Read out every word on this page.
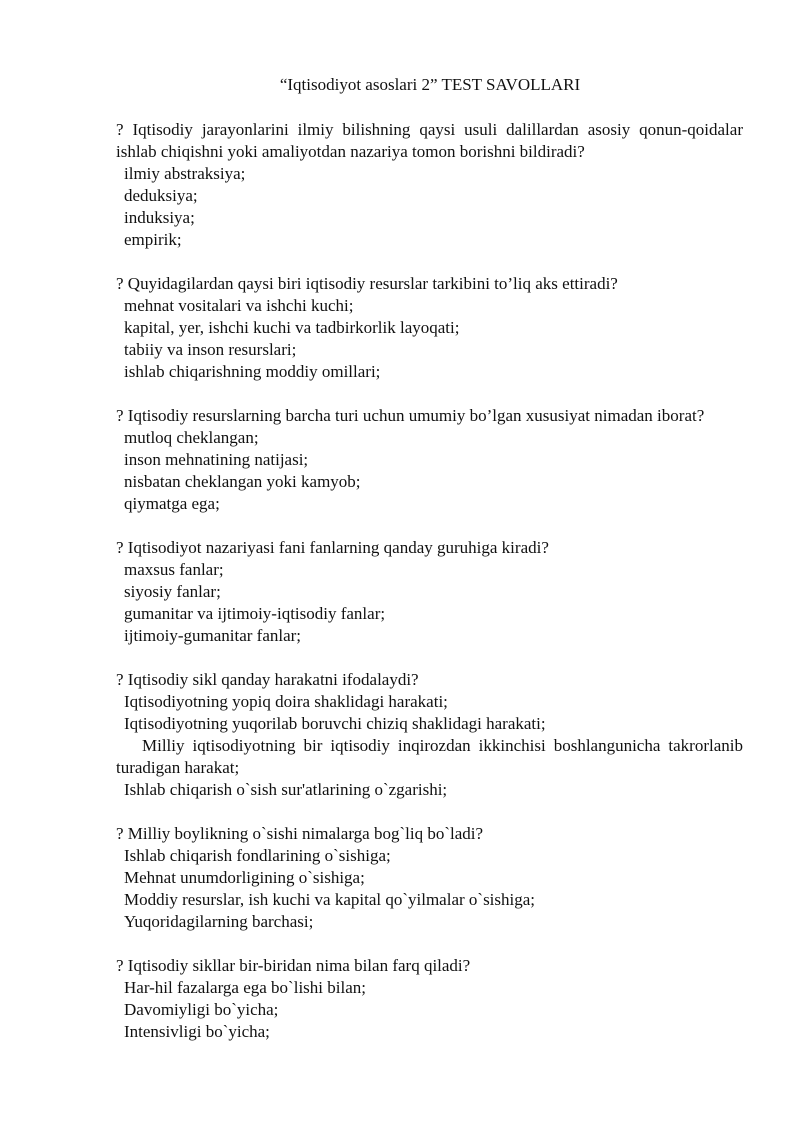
“Iqtisodiyot asoslari 2” TEST SAVOLLARI

? Iqtisodiy jarayonlarini ilmiy bilishning qaysi usuli dalillardan asosiy qonun-qoidalar ishlab chiqishni yoki amaliyotdan nazariya tomon borishni bildiradi?

ilmiy abstraksiya;

deduksiya;

induksiya;

empirik;

? Quyidagilardan qaysi biri iqtisodiy resurslar tarkibini to’liq aks ettiradi?

mehnat vositalari va ishchi kuchi;

kapital, yer, ishchi kuchi va tadbirkorlik layoqati;

tabiiy va inson resurslari;

ishlab chiqarishning moddiy omillari;

? Iqtisodiy resurslarning barcha turi uchun umumiy bo’lgan xususiyat nimadan iborat?

mutloq cheklangan;

inson mehnatining natijasi;

nisbatan cheklangan yoki kamyob;

qiymatga ega;

? Iqtisodiyot nazariyasi fani fanlarning qanday guruhiga kiradi?

maxsus fanlar;

siyosiy fanlar;

gumanitar va ijtimoiy-iqtisodiy fanlar;

ijtimoiy-gumanitar fanlar;

? Iqtisodiy sikl qanday harakatni ifodalaydi?

Iqtisodiyotning yopiq doira shaklidagi harakati;

Iqtisodiyotning yuqorilab boruvchi chiziq shaklidagi harakati;

Milliy iqtisodiyotning bir iqtisodiy inqirozdan ikkinchisi boshlangunicha takrorlanib turadigan harakat;

Ishlab chiqarish o`sish sur'atlarining o`zgarishi;

? Milliy boylikning o`sishi nimalarga bog`liq bo`ladi?

Ishlab chiqarish fondlarining o`sishiga;

Mehnat unumdorligining o`sishiga;

Moddiy resurslar, ish kuchi va kapital qo`yilmalar o`sishiga;

Yuqoridagilarning barchasi;

? Iqtisodiy sikllar bir-biridan nima bilan farq qiladi?

Har-hil fazalarga ega bo`lishi bilan;

Davomiyligi bo`yicha;

Intensivligi bo`yicha;
